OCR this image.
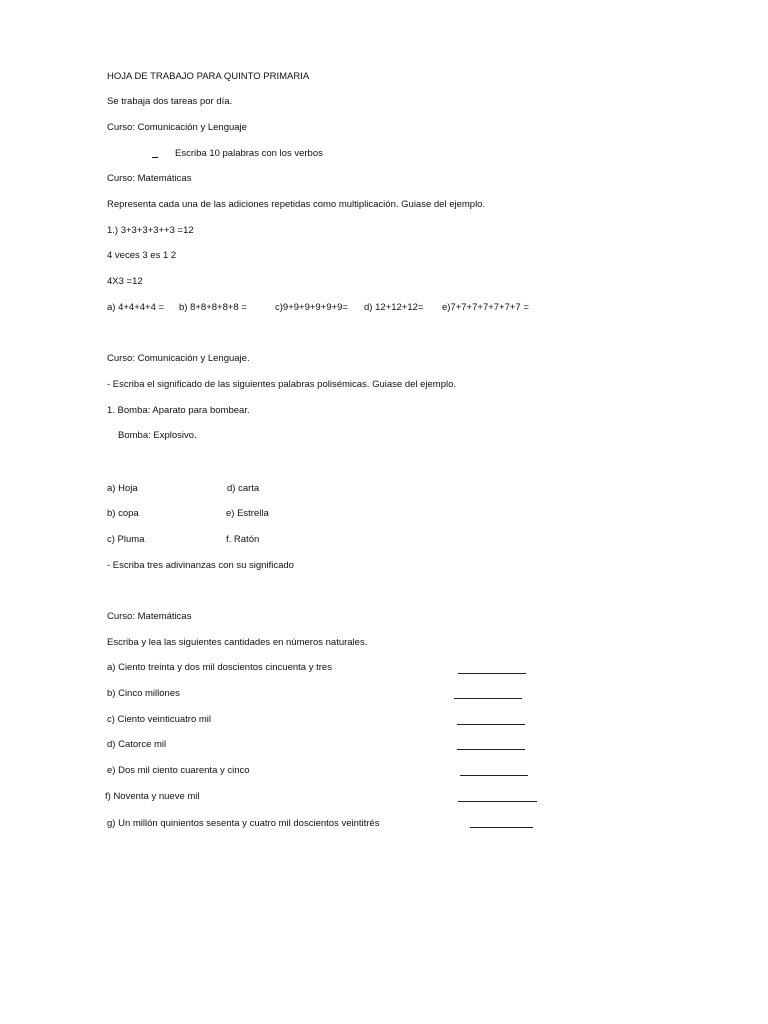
HOJA DE TRABAJO PARA QUINTO PRIMARIA
Se trabaja dos tareas por día.
Curso: Comunicación y Lenguaje
Escriba 10 palabras con los verbos
Curso: Matemáticas
Representa cada una de las adiciones repetidas como multiplicación. Guiase del ejemplo.
1.) 3+3+3+3++3 =12
4 veces 3 es 1 2
4X3 =12
a) 4+4+4+4 = b) 8+8+8+8+8 =	c)9+9+9+9+9+9= d) 12+12+12= e)7+7+7+7+7+7+7 =
Curso: Comunicación y Lenguaje.
- Escriba el significado de las siguientes palabras polisémicas. Guiase del ejemplo.
1. Bomba: Aparato para bombear.
Bomba: Explosivo.
a) Hoja	d) carta
b) copa	e) Estrella
c) Pluma	f. Ratón
- Escriba tres adivinanzas con su significado
Curso: Matemáticas
Escriba y lea las siguientes cantidades en números naturales.
a) Ciento treinta y dos mil doscientos cincuenta y tres
b) Cinco millones
c) Ciento veinticuatro mil
d) Catorce mil
e) Dos mil ciento cuarenta y cinco
f) Noventa y nueve mil
g) Un millón quinientos sesenta y cuatro mil doscientos veintitrés
